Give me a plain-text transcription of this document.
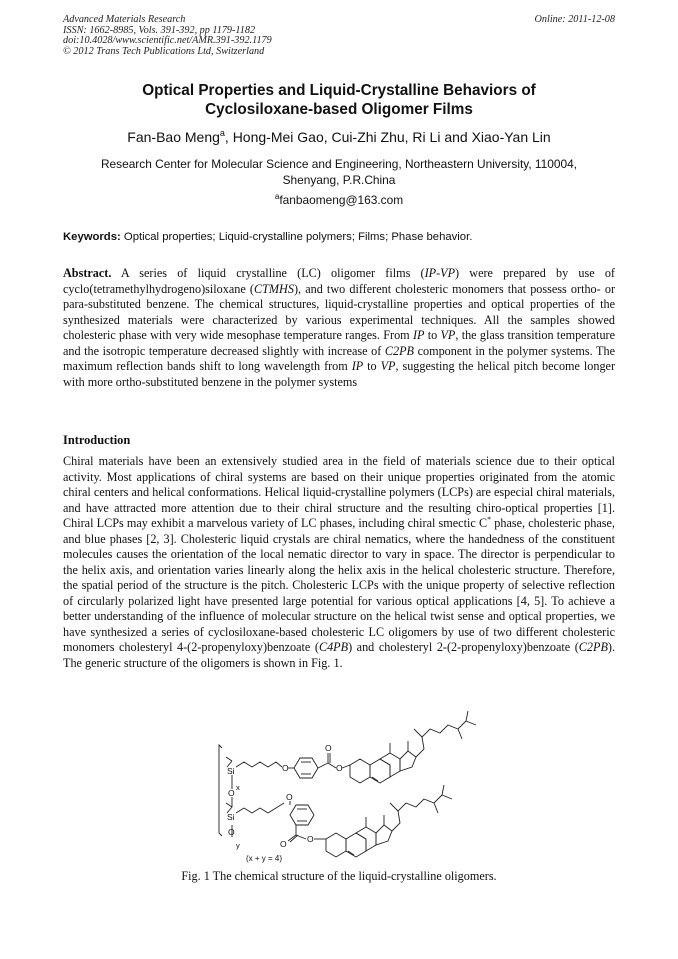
Advanced Materials Research
ISSN: 1662-8985, Vols. 391-392, pp 1179-1182
doi:10.4028/www.scientific.net/AMR.391-392.1179
© 2012 Trans Tech Publications Ltd, Switzerland
Online: 2011-12-08
Optical Properties and Liquid-Crystalline Behaviors of
Cyclosiloxane-based Oligomer Films
Fan-Bao Meng$^a$, Hong-Mei Gao, Cui-Zhi Zhu, Ri Li and Xiao-Yan Lin
Research Center for Molecular Science and Engineering, Northeastern University, 110004,
Shenyang, P.R.China
$^a$fanbaomeng@163.com
Keywords: Optical properties; Liquid-crystalline polymers; Films; Phase behavior.
Abstract. A series of liquid crystalline (LC) oligomer films (IP-VP) were prepared by use of cyclo(tetramethylhydrogeno)siloxane (CTMHS), and two different cholesteric monomers that possess ortho- or para-substituted benzene. The chemical structures, liquid-crystalline properties and optical properties of the synthesized materials were characterized by various experimental techniques. All the samples showed cholesteric phase with very wide mesophase temperature ranges. From IP to VP, the glass transition temperature and the isotropic temperature decreased slightly with increase of C2PB component in the polymer systems. The maximum reflection bands shift to long wavelength from IP to VP, suggesting the helical pitch become longer with more ortho-substituted benzene in the polymer systems
Introduction
Chiral materials have been an extensively studied area in the field of materials science due to their optical activity. Most applications of chiral systems are based on their unique properties originated from the atomic chiral centers and helical conformations. Helical liquid-crystalline polymers (LCPs) are especial chiral materials, and have attracted more attention due to their chiral structure and the resulting chiro-optical properties [1]. Chiral LCPs may exhibit a marvelous variety of LC phases, including chiral smectic C* phase, cholesteric phase, and blue phases [2, 3]. Cholesteric liquid crystals are chiral nematics, where the handedness of the constituent molecules causes the orientation of the local nematic director to vary in space. The director is perpendicular to the helix axis, and orientation varies linearly along the helix axis in the helical cholesteric structure. Therefore, the spatial period of the structure is the pitch. Cholesteric LCPs with the unique property of selective reflection of circularly polarized light have presented large potential for various optical applications [4, 5]. To achieve a better understanding of the influence of molecular structure on the helical twist sense and optical properties, we have synthesized a series of cyclosiloxane-based cholesteric LC oligomers by use of two different cholesteric monomers cholesteryl 4-(2-propenyloxy)benzoate (C4PB) and cholesteryl 2-(2-propenyloxy)benzoate (C2PB). The generic structure of the oligomers is shown in Fig. 1.
Si
O
x
Si
O
y
O
O
O
O
O O
(x + y = 4)
Fig. 1 The chemical structure of the liquid-crystalline oligomers.
